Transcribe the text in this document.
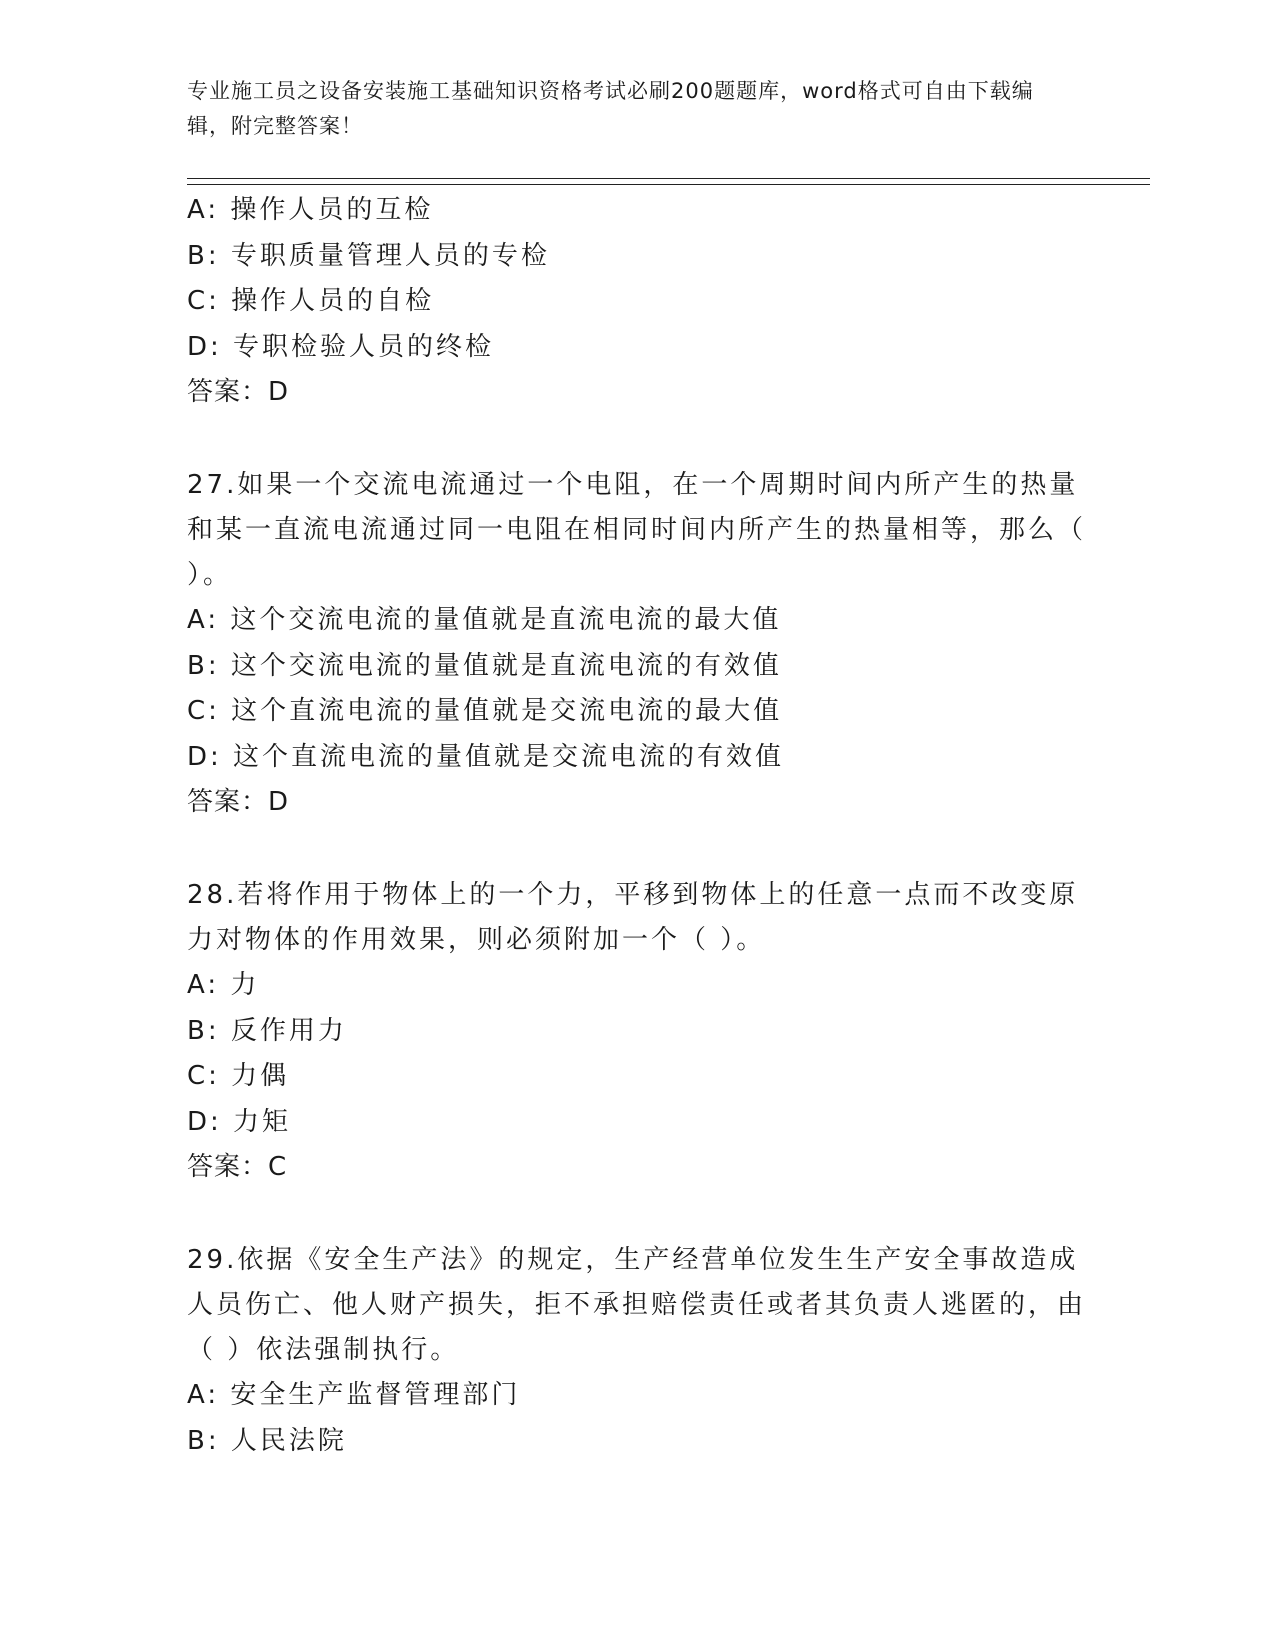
专业施工员之设备安装施工基础知识资格考试必刷200题题库，word格式可自由下载编辑，附完整答案！

A: 操作人员的互检

B: 专职质量管理人员的专检

C: 操作人员的自检

D: 专职检验人员的终检

答案：D

27.如果一个交流电流通过一个电阻，在一个周期时间内所产生的热量和某一直流电流通过同一电阻在相同时间内所产生的热量相等，那么（ ）。

A: 这个交流电流的量值就是直流电流的最大值

B: 这个交流电流的量值就是直流电流的有效值

C: 这个直流电流的量值就是交流电流的最大值

D: 这个直流电流的量值就是交流电流的有效值

答案：D

28.若将作用于物体上的一个力，平移到物体上的任意一点而不改变原力对物体的作用效果，则必须附加一个（ ）。

A: 力

B: 反作用力

C: 力偶

D: 力矩

答案：C

29.依据《安全生产法》的规定，生产经营单位发生生产安全事故造成人员伤亡、他人财产损失，拒不承担赔偿责任或者其负责人逃匿的，由（ ）依法强制执行。

A: 安全生产监督管理部门

B: 人民法院
